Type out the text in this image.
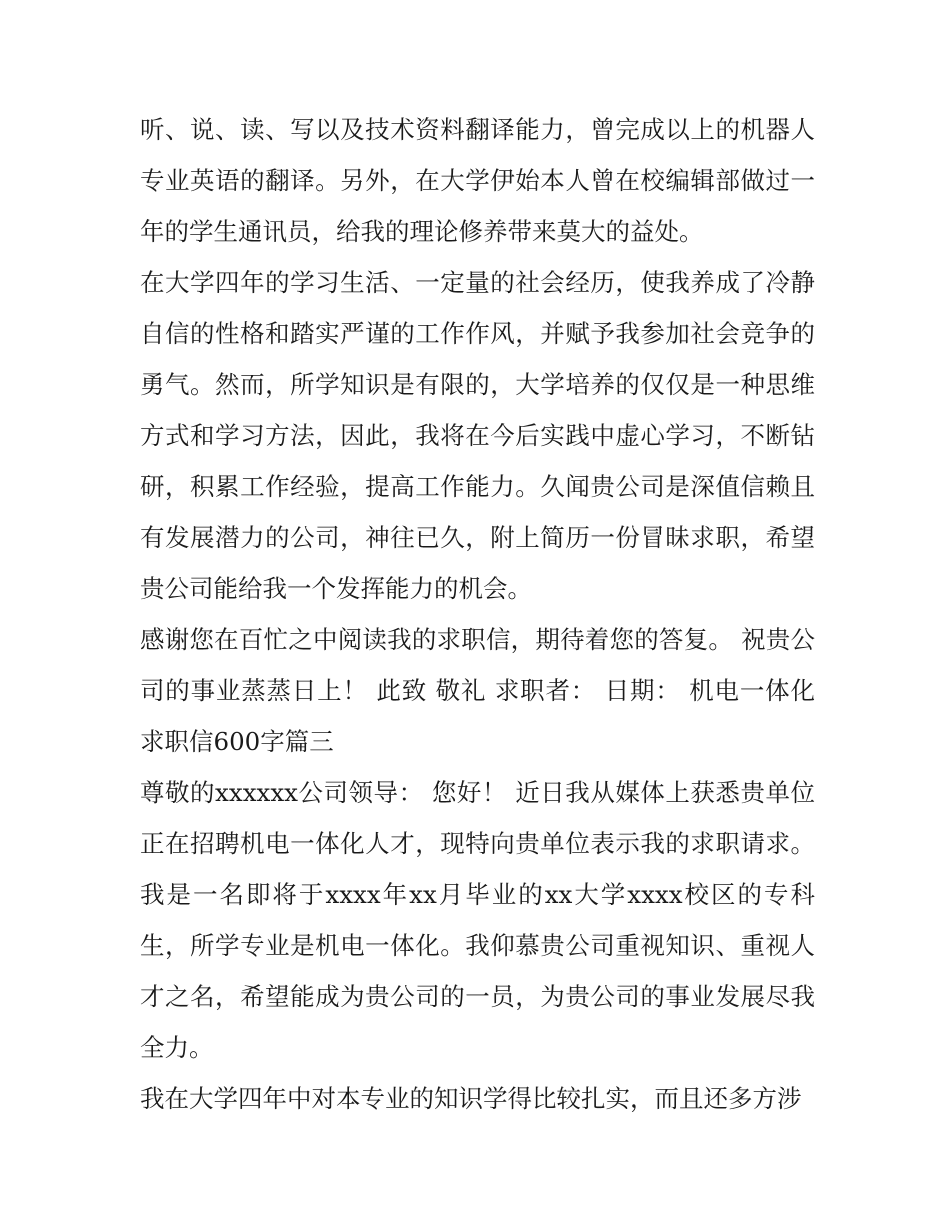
听、说、读、写以及技术资料翻译能力，曾完成以上的机器人专业英语的翻译。另外，在大学伊始本人曾在校编辑部做过一年的学生通讯员，给我的理论修养带来莫大的益处。

在大学四年的学习生活、一定量的社会经历，使我养成了冷静自信的性格和踏实严谨的工作作风，并赋予我参加社会竞争的勇气。然而，所学知识是有限的，大学培养的仅仅是一种思维方式和学习方法，因此，我将在今后实践中虚心学习，不断钻研，积累工作经验，提高工作能力。久闻贵公司是深值信赖且有发展潜力的公司，神往已久，附上简历一份冒昧求职，希望贵公司能给我一个发挥能力的机会。

感谢您在百忙之中阅读我的求职信，期待着您的答复。 祝贵公司的事业蒸蒸日上！ 此致 敬礼 求职者： 日期： 机电一体化求职信600字篇三

尊敬的xxxxxx公司领导： 您好！ 近日我从媒体上获悉贵单位正在招聘机电一体化人才，现特向贵单位表示我的求职请求。我是一名即将于xxxx年xx月毕业的xx大学xxxx校区的专科生，所学专业是机电一体化。我仰慕贵公司重视知识、重视人才之名，希望能成为贵公司的一员，为贵公司的事业发展尽我全力。

我在大学四年中对本专业的知识学得比较扎实，而且还多方涉
